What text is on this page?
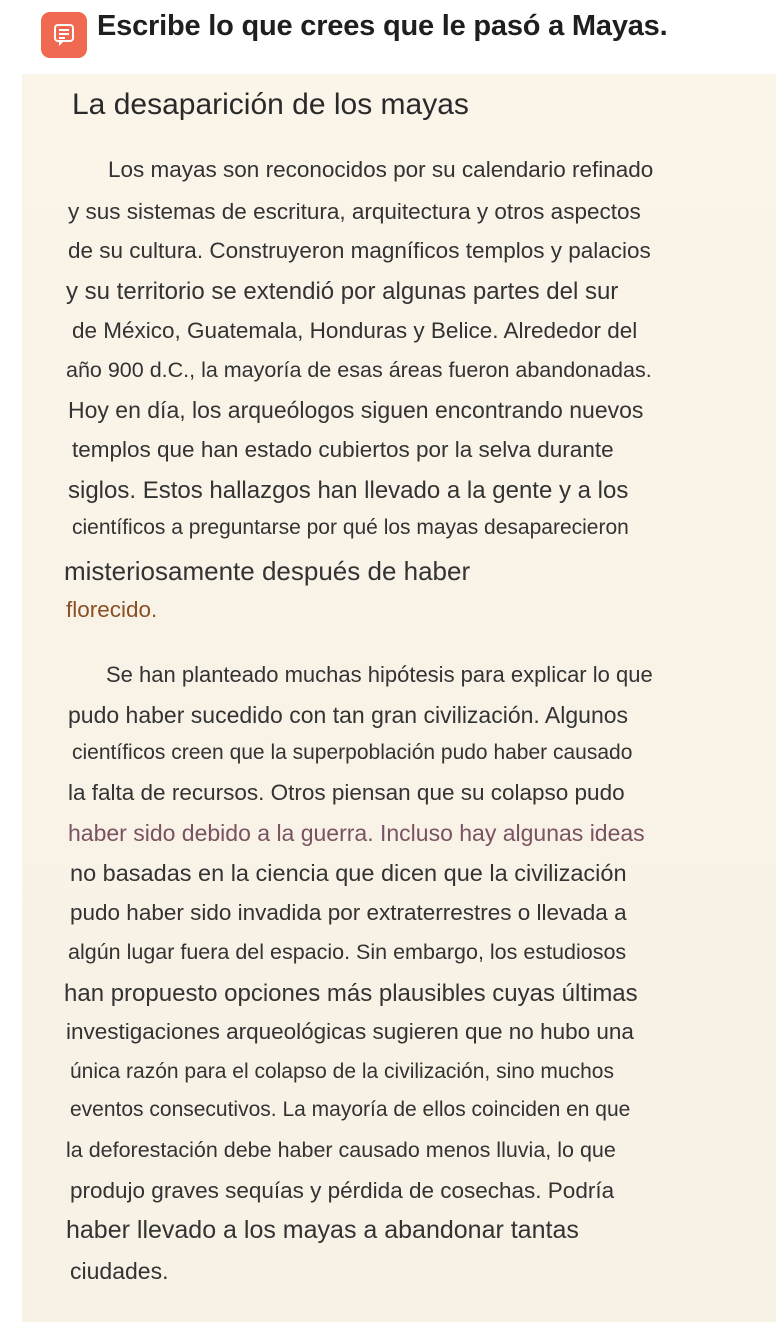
Escribe lo que crees que le pasó a Mayas.
La desaparición de los mayas
Los mayas son reconocidos por su calendario refinado
y sus sistemas de escritura, arquitectura y otros aspectos
de su cultura. Construyeron magníficos templos y palacios
y su territorio se extendió por algunas partes del sur
de México, Guatemala, Honduras y Belice. Alrededor del
año 900 d.C., la mayoría de esas áreas fueron abandonadas.
Hoy en día, los arqueólogos siguen encontrando nuevos
templos que han estado cubiertos por la selva durante
siglos. Estos hallazgos han llevado a la gente y a los
científicos a preguntarse por qué los mayas desaparecieron
misteriosamente después de haber
florecido.
Se han planteado muchas hipótesis para explicar lo que
pudo haber sucedido con tan gran civilización. Algunos
científicos creen que la superpoblación pudo haber causado
la falta de recursos. Otros piensan que su colapso pudo
haber sido debido a la guerra. Incluso hay algunas ideas
no basadas en la ciencia que dicen que la civilización
pudo haber sido invadida por extraterrestres o llevada a
algún lugar fuera del espacio. Sin embargo, los estudiosos
han propuesto opciones más plausibles cuyas últimas
investigaciones arqueológicas sugieren que no hubo una
única razón para el colapso de la civilización, sino muchos
eventos consecutivos. La mayoría de ellos coinciden en que
la deforestación debe haber causado menos lluvia, lo que
produjo graves sequías y pérdida de cosechas. Podría
haber llevado a los mayas a abandonar tantas
ciudades.
